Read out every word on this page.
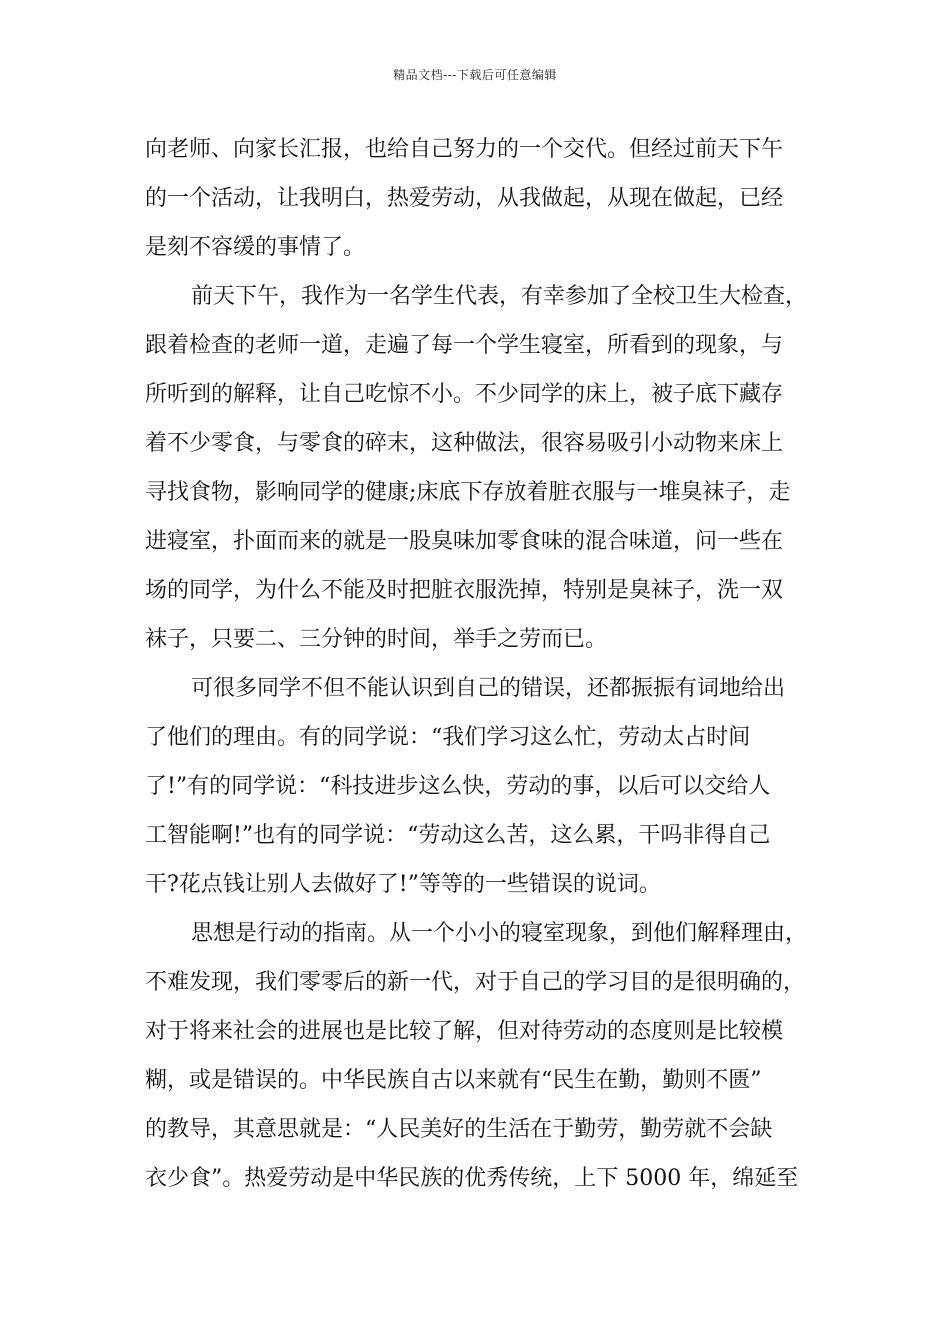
精品文档---下载后可任意编辑
向老师、向家长汇报，也给自己努力的一个交代。但经过前天下午
的一个活动，让我明白，热爱劳动，从我做起，从现在做起，已经
是刻不容缓的事情了。
前天下午，我作为一名学生代表，有幸参加了全校卫生大检查，
跟着检查的老师一道，走遍了每一个学生寝室，所看到的现象，与
所听到的解释，让自己吃惊不小。不少同学的床上，被子底下藏存
着不少零食，与零食的碎末，这种做法，很容易吸引小动物来床上
寻找食物，影响同学的健康;床底下存放着脏衣服与一堆臭袜子，走
进寝室，扑面而来的就是一股臭味加零食味的混合味道，问一些在
场的同学，为什么不能及时把脏衣服洗掉，特别是臭袜子，洗一双
袜子，只要二、三分钟的时间，举手之劳而已。
可很多同学不但不能认识到自己的错误，还都振振有词地给出
了他们的理由。有的同学说：“我们学习这么忙，劳动太占时间
了!”有的同学说：“科技进步这么快，劳动的事，以后可以交给人
工智能啊!”也有的同学说：“劳动这么苦，这么累，干吗非得自己
干?花点钱让别人去做好了!”等等的一些错误的说词。
思想是行动的指南。从一个小小的寝室现象，到他们解释理由，
不难发现，我们零零后的新一代，对于自己的学习目的是很明确的，
对于将来社会的进展也是比较了解，但对待劳动的态度则是比较模
糊，或是错误的。中华民族自古以来就有“民生在勤，勤则不匮”
的教导，其意思就是：“人民美好的生活在于勤劳，勤劳就不会缺
衣少食”。热爱劳动是中华民族的优秀传统，上下 5000 年，绵延至
